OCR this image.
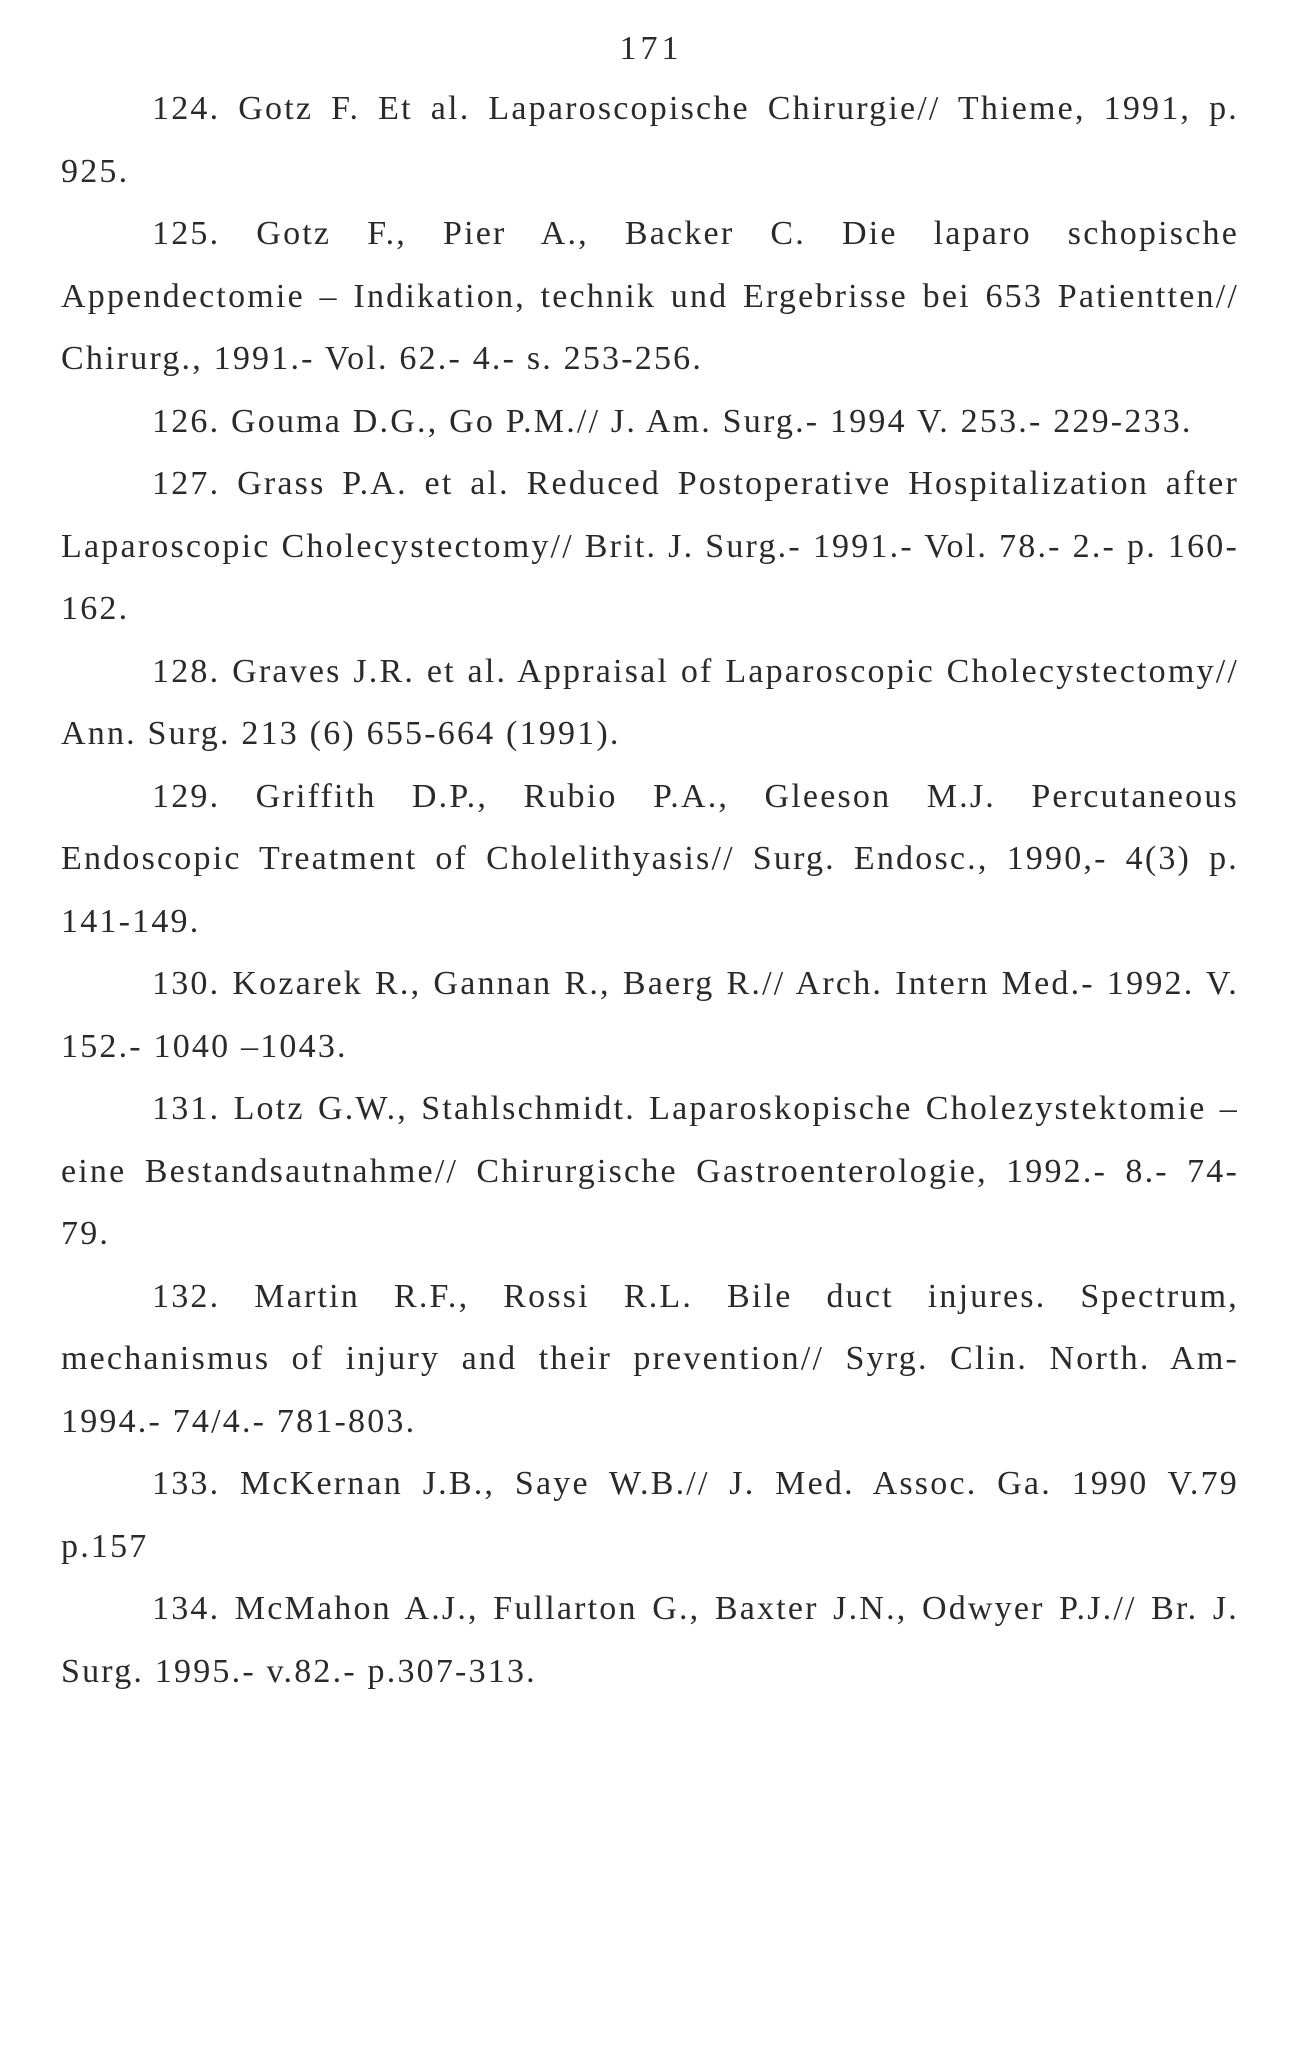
171

124. Gotz F. Et al. Laparoscopische Chirurgie// Thieme, 1991, p. 925.

125. Gotz F., Pier A., Backer C. Die laparo schopische Appendectomie – Indikation, technik und Ergebrisse bei 653 Patientten// Chirurg., 1991.- Vol. 62.- 4.- s. 253-256.

126. Gouma D.G., Go P.M.// J. Am. Surg.- 1994 V. 253.- 229-233.

127. Grass P.A. et al. Reduced Postoperative Hospitalization after Laparoscopic Cholecystectomy// Brit. J. Surg.- 1991.- Vol. 78.- 2.- p. 160-162.

128. Graves J.R. et al. Appraisal of Laparoscopic Cholecystectomy// Ann. Surg. 213 (6) 655-664 (1991).

129. Griffith D.P., Rubio P.A., Gleeson M.J. Percutaneous Endoscopic Treatment of Cholelithyasis// Surg. Endosc., 1990,- 4(3) p. 141-149.

130. Kozarek R., Gannan R., Baerg R.// Arch. Intern Med.- 1992. V. 152.- 1040 –1043.

131. Lotz G.W., Stahlschmidt. Laparoskopische Cholezystektomie – eine Bestandsautnahme// Chirurgische Gastroenterologie, 1992.- 8.- 74-79.

132. Martin R.F., Rossi R.L. Bile duct injures. Spectrum, mechanismus of injury and their prevention// Syrg. Clin. North. Am- 1994.- 74/4.- 781-803.

133. McKernan J.B., Saye W.B.// J. Med. Assoc. Ga. 1990 V.79 p.157

134. McMahon A.J., Fullarton G., Baxter J.N., Odwyer P.J.// Br. J. Surg. 1995.- v.82.- p.307-313.
